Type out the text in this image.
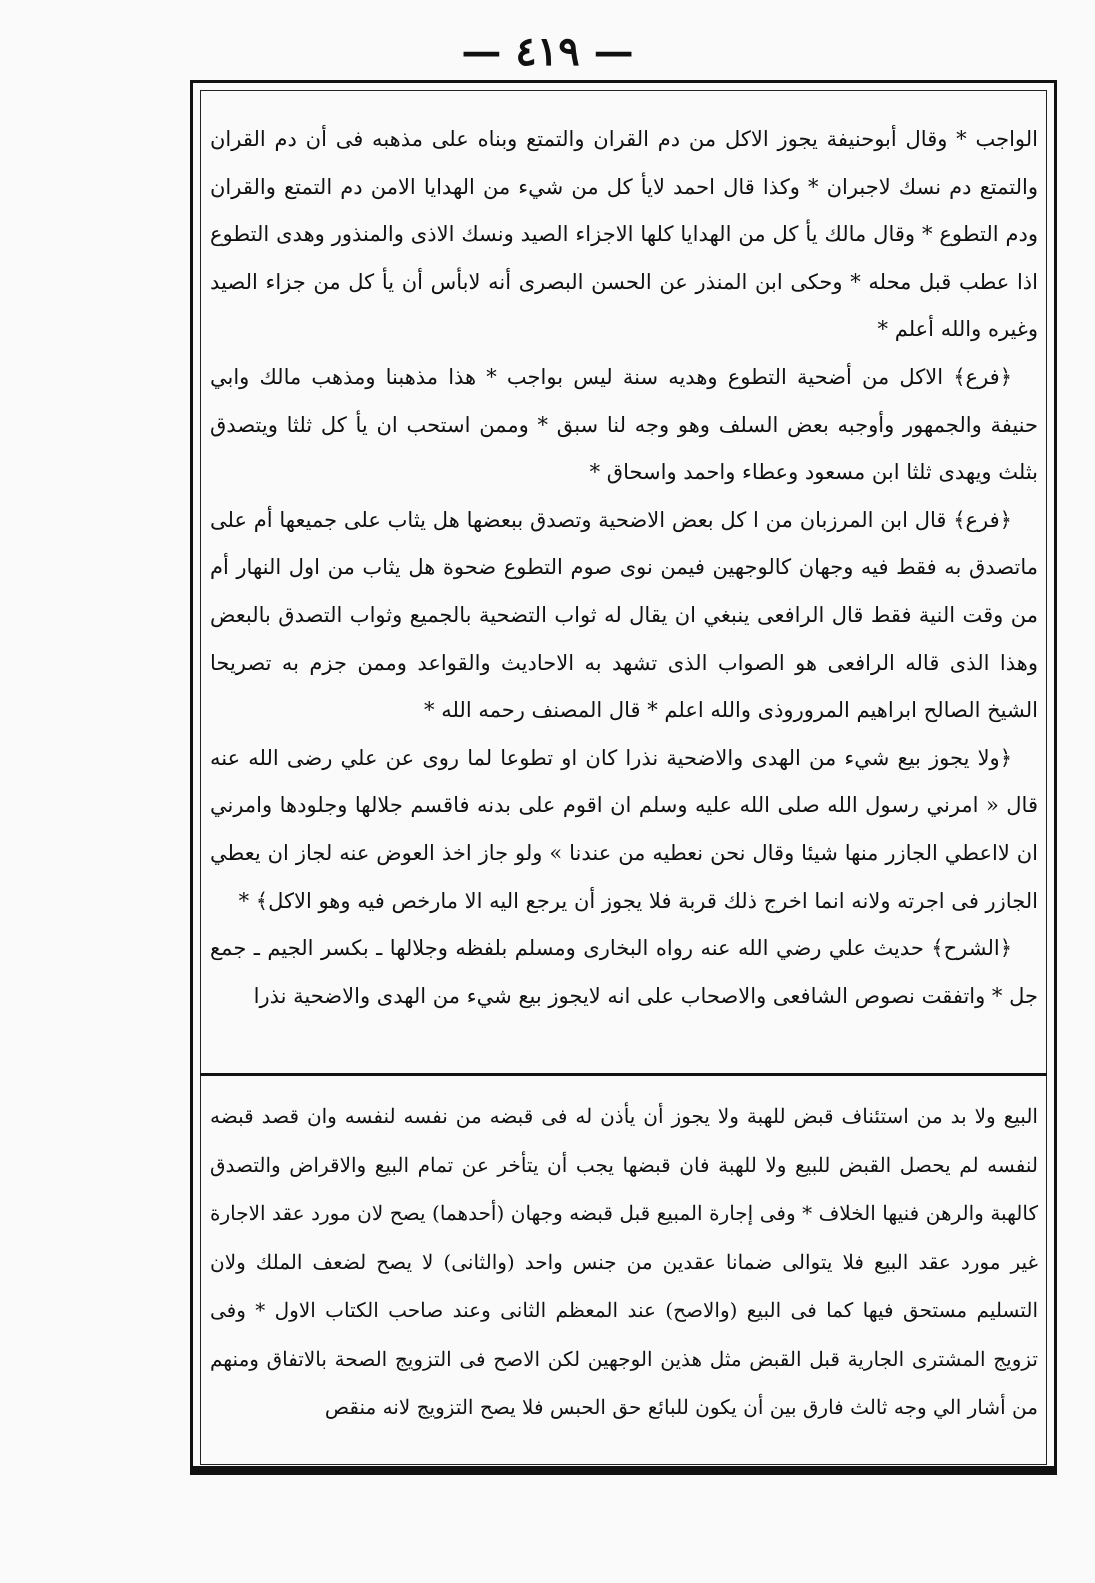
— ٤١٩ —

الواجب * وقال أبوحنيفة يجوز الاكل من دم القران والتمتع وبناه على مذهبه فى أن دم القران والتمتع دم نسك لاجبران * وكذا قال احمد لايأ كل من شيء من الهدايا الامن دم التمتع والقران ودم التطوع * وقال مالك يأ كل من الهدايا كلها الاجزاء الصيد ونسك الاذى والمنذور وهدى التطوع اذا عطب قبل محله * وحكى ابن المنذر عن الحسن البصرى أنه لابأس أن يأ كل من جزاء الصيد وغيره والله أعلم *

﴿فرع﴾ الاكل من أضحية التطوع وهديه سنة ليس بواجب * هذا مذهبنا ومذهب مالك وابي حنيفة والجمهور وأوجبه بعض السلف وهو وجه لنا سبق * وممن استحب ان يأ كل ثلثا ويتصدق بثلث ويهدى ثلثا ابن مسعود وعطاء واحمد واسحاق *

﴿فرع﴾ قال ابن المرزبان من ا كل بعض الاضحية وتصدق ببعضها هل يثاب على جميعها أم على ماتصدق به فقط فيه وجهان كالوجهين فيمن نوى صوم التطوع ضحوة هل يثاب من اول النهار أم من وقت النية فقط قال الرافعى ينبغي ان يقال له ثواب التضحية بالجميع وثواب التصدق بالبعض وهذا الذى قاله الرافعى هو الصواب الذى تشهد به الاحاديث والقواعد وممن جزم به تصريحا الشيخ الصالح ابراهيم المروروذى والله اعلم * قال المصنف رحمه الله *

﴿ولا يجوز بيع شيء من الهدى والاضحية نذرا كان او تطوعا لما روى عن علي رضى الله عنه قال « امرني رسول الله صلى الله عليه وسلم ان اقوم على بدنه فاقسم جلالها وجلودها وامرني ان لااعطي الجازر منها شيئا وقال نحن نعطيه من عندنا » ولو جاز اخذ العوض عنه لجاز ان يعطي الجازر فى اجرته ولانه انما اخرج ذلك قربة فلا يجوز أن يرجع اليه الا مارخص فيه وهو الاكل﴾ *

﴿الشرح﴾ حديث علي رضي الله عنه رواه البخارى ومسلم بلفظه وجلالها ـ بكسر الجيم ـ جمع جل * واتفقت نصوص الشافعى والاصحاب على انه لايجوز بيع شيء من الهدى والاضحية نذرا

البيع ولا بد من استئناف قبض للهبة ولا يجوز أن يأذن له فى قبضه من نفسه لنفسه وان قصد قبضه لنفسه لم يحصل القبض للبيع ولا للهبة فان قبضها يجب أن يتأخر عن تمام البيع والاقراض والتصدق كالهبة والرهن فنيها الخلاف * وفى إجارة المبيع قبل قبضه وجهان (أحدهما) يصح لان مورد عقد الاجارة غير مورد عقد البيع فلا يتوالى ضمانا عقدين من جنس واحد (والثانى) لا يصح لضعف الملك ولان التسليم مستحق فيها كما فى البيع (والاصح) عند المعظم الثانى وعند صاحب الكتاب الاول * وفى تزويج المشترى الجارية قبل القبض مثل هذين الوجهين لكن الاصح فى التزويج الصحة بالاتفاق ومنهم من أشار الي وجه ثالث فارق بين أن يكون للبائع حق الحبس فلا يصح التزويج لانه منقص
